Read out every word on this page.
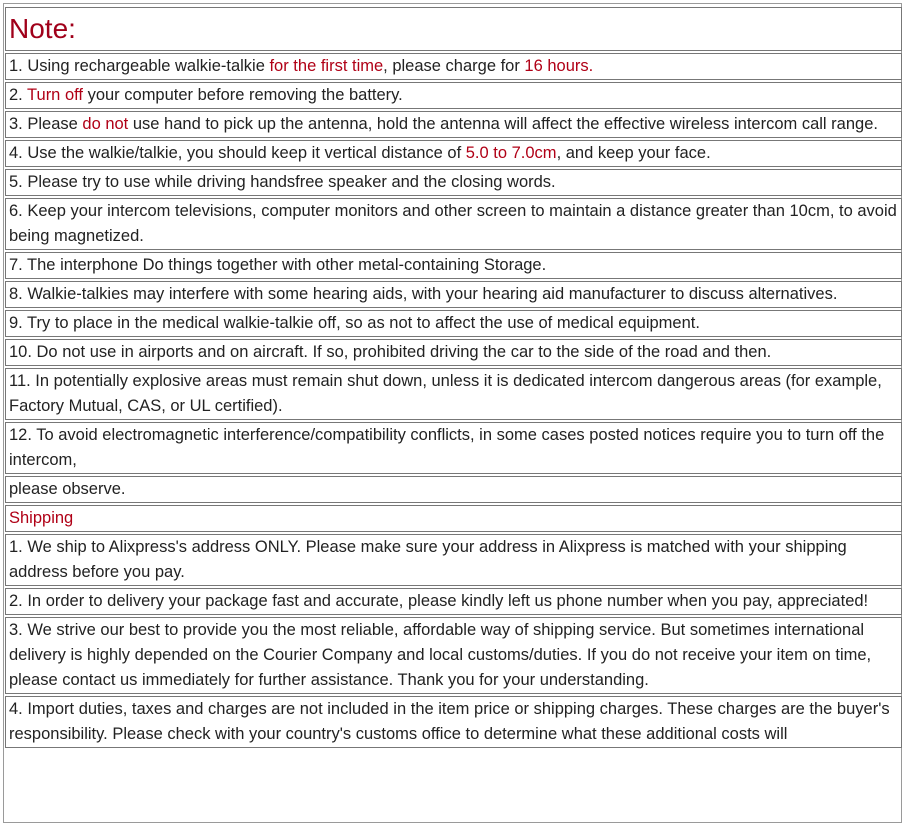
Note:
1. Using rechargeable walkie-talkie for the first time, please charge for 16 hours.
2. Turn off your computer before removing the battery.
3. Please do not use hand to pick up the antenna, hold the antenna will affect the effective wireless intercom call range.
4. Use the walkie/talkie, you should keep it vertical distance of 5.0 to 7.0cm, and keep your face.
5. Please try to use while driving handsfree speaker and the closing words.
6. Keep your intercom televisions, computer monitors and other screen to maintain a distance greater than 10cm, to avoid being magnetized.
7. The interphone Do things together with other metal-containing Storage.
8. Walkie-talkies may interfere with some hearing aids, with your hearing aid manufacturer to discuss alternatives.
9. Try to place in the medical walkie-talkie off, so as not to affect the use of medical equipment.
10. Do not use in airports and on aircraft. If so, prohibited driving the car to the side of the road and then.
11. In potentially explosive areas must remain shut down, unless it is dedicated intercom dangerous areas (for example, Factory Mutual, CAS, or UL certified).
12. To avoid electromagnetic interference/compatibility conflicts, in some cases posted notices require you to turn off the intercom,
please observe.
Shipping
1. We ship to Alixpress's address ONLY. Please make sure your address in Alixpress is matched with your shipping address before you pay.
2. In order to delivery your package fast and accurate, please kindly left us phone number when you pay, appreciated!
3. We strive our best to provide you the most reliable, affordable way of shipping service. But sometimes international delivery is highly depended on the Courier Company and local customs/duties. If you do not receive your item on time, please contact us immediately for further assistance. Thank you for your understanding.
4. Import duties, taxes and charges are not included in the item price or shipping charges. These charges are the buyer's responsibility. Please check with your country's customs office to determine what these additional costs will
